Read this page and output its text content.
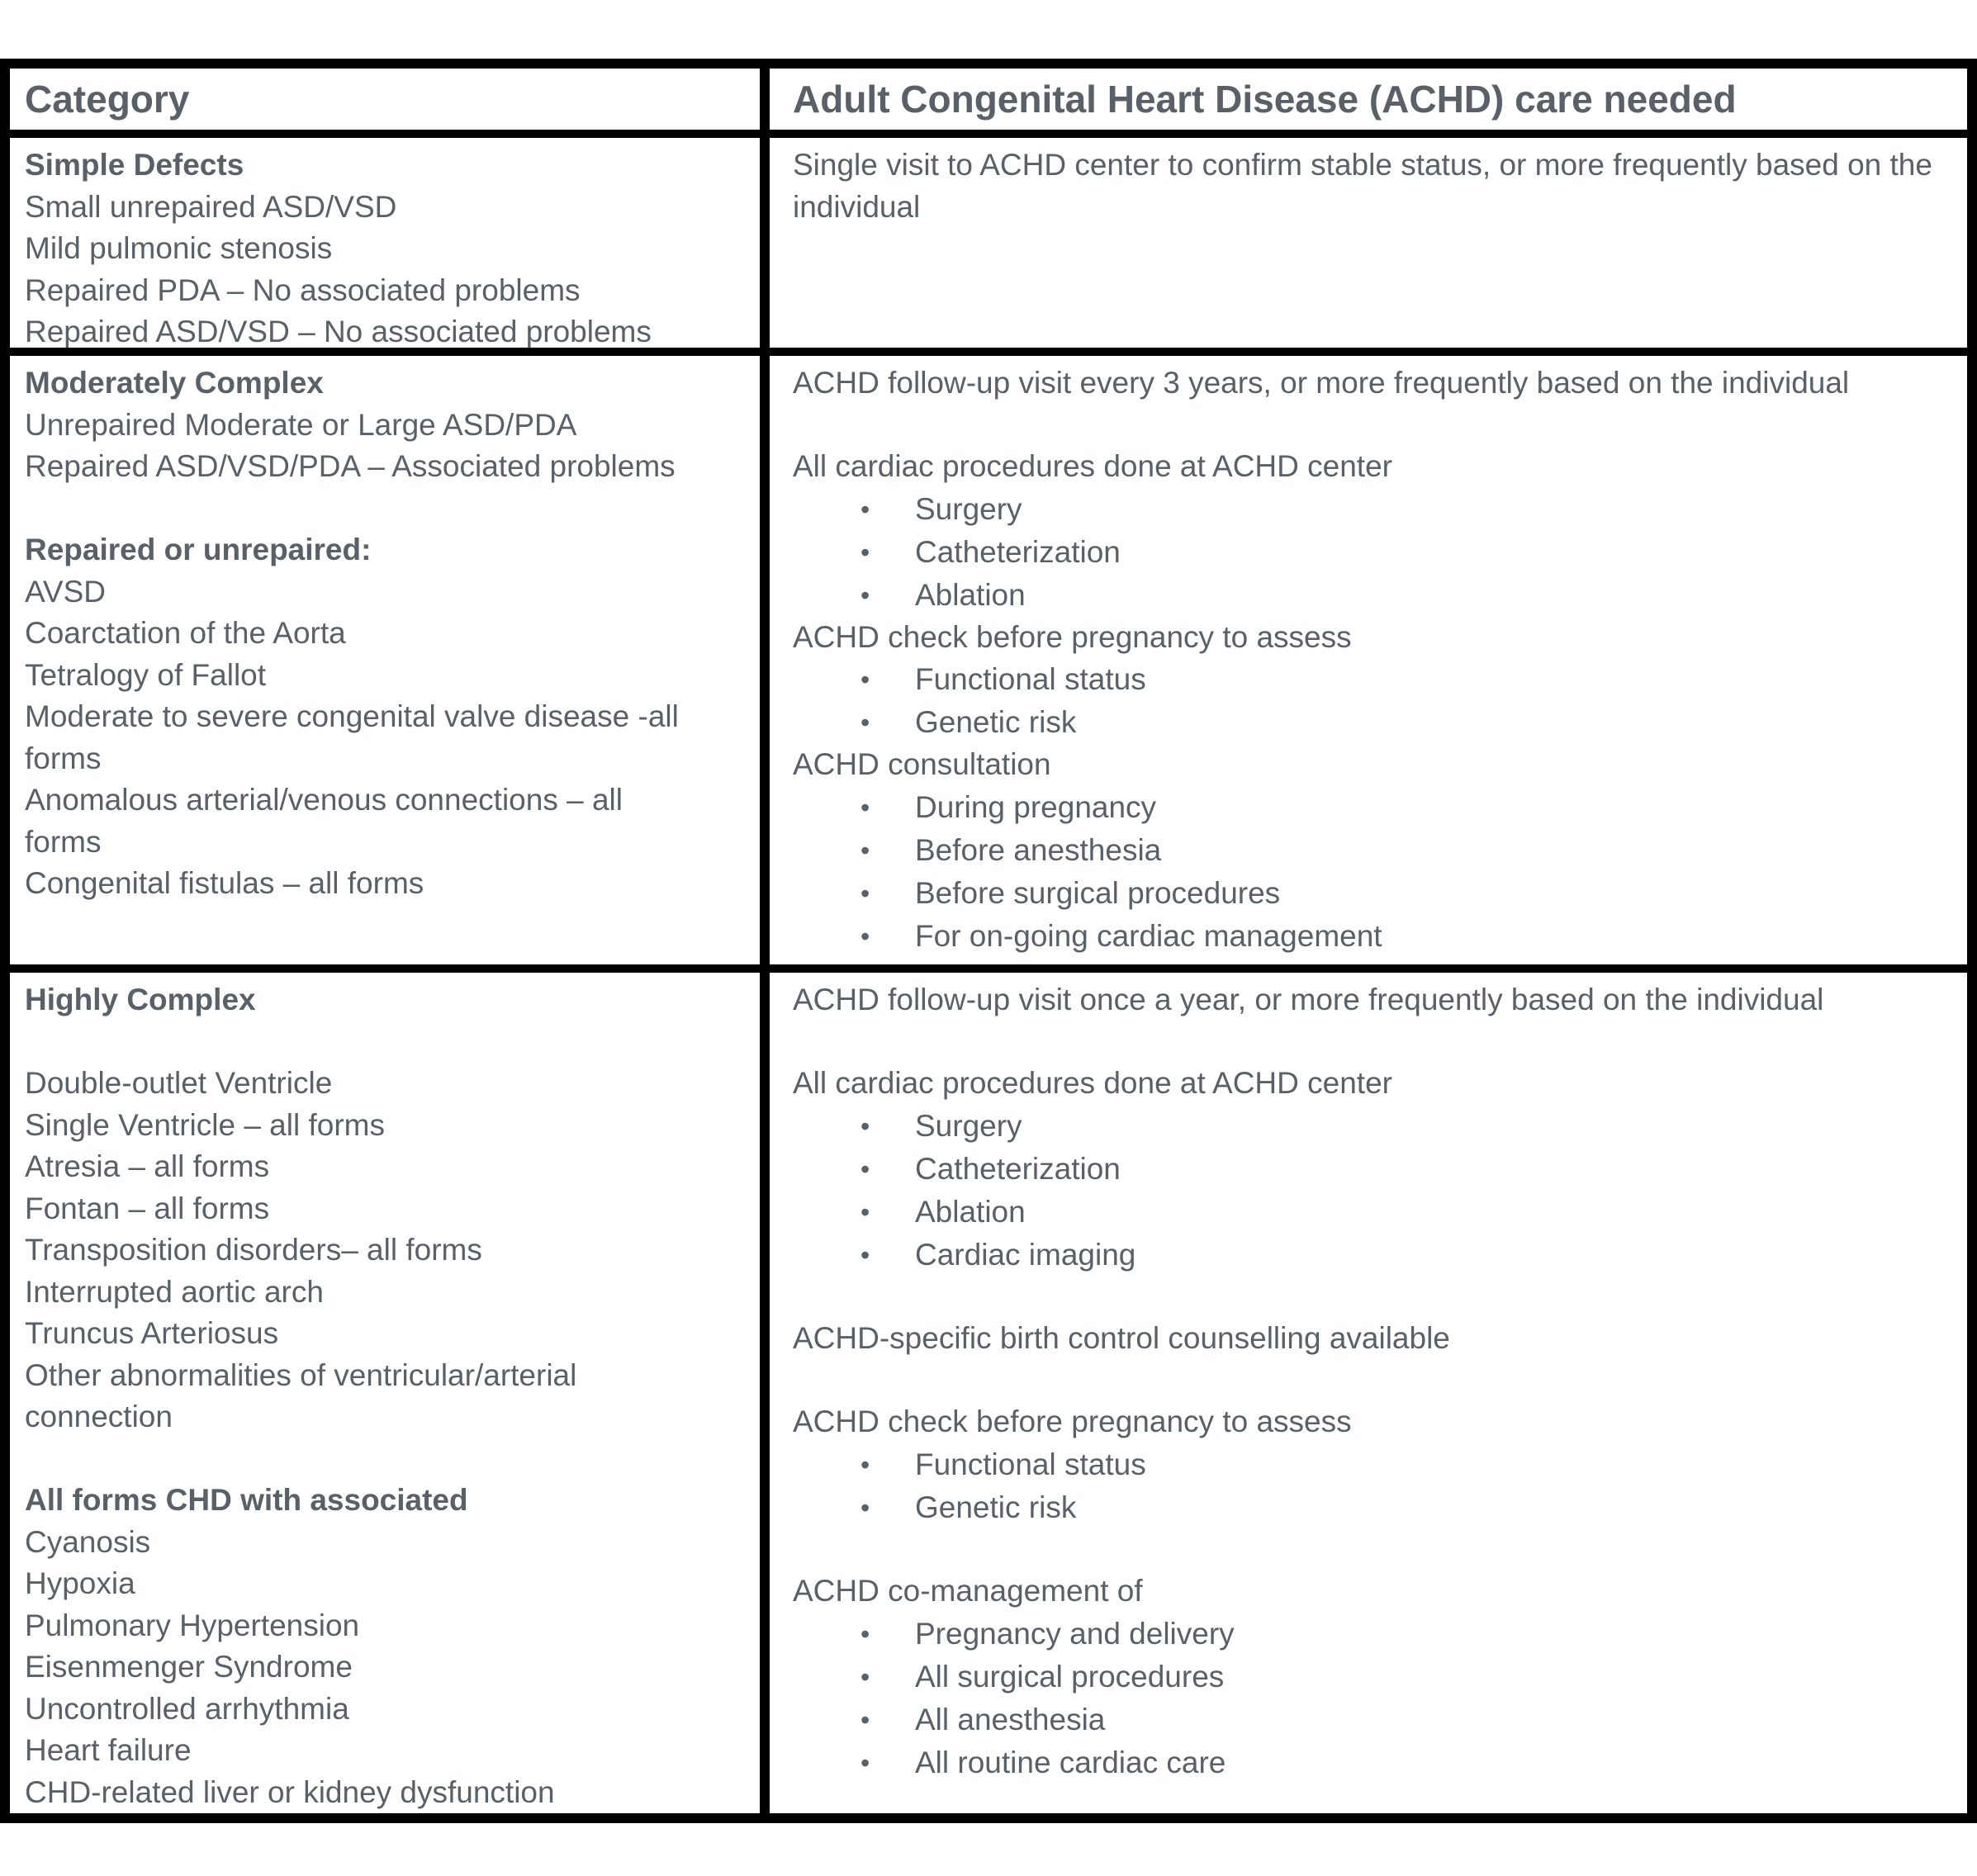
Category	Adult Congenital Heart Disease (ACHD) care needed
Simple Defects
Small unrepaired ASD/VSD
Mild pulmonic stenosis
Repaired PDA – No associated problems
Repaired ASD/VSD – No associated problems
Single visit to ACHD center to confirm stable status, or more frequently based on the individual
Moderately Complex
Unrepaired Moderate or Large ASD/PDA
Repaired ASD/VSD/PDA – Associated problems
Repaired or unrepaired:
AVSD
Coarctation of the Aorta
Tetralogy of Fallot
Moderate to severe congenital valve disease -all forms
Anomalous arterial/venous connections – all forms
Congenital fistulas – all forms
ACHD follow-up visit every 3 years, or more frequently based on the individual
All cardiac procedures done at ACHD center
• Surgery
• Catheterization
• Ablation
ACHD check before pregnancy to assess
• Functional status
• Genetic risk
ACHD consultation
• During pregnancy
• Before anesthesia
• Before surgical procedures
• For on-going cardiac management
Highly Complex
Double-outlet Ventricle
Single Ventricle – all forms
Atresia – all forms
Fontan – all forms
Transposition disorders– all forms
Interrupted aortic arch
Truncus Arteriosus
Other abnormalities of ventricular/arterial connection
All forms CHD with associated
Cyanosis
Hypoxia
Pulmonary Hypertension
Eisenmenger Syndrome
Uncontrolled arrhythmia
Heart failure
CHD-related liver or kidney dysfunction
ACHD follow-up visit once a year, or more frequently based on the individual
All cardiac procedures done at ACHD center
• Surgery
• Catheterization
• Ablation
• Cardiac imaging
ACHD-specific birth control counselling available
ACHD check before pregnancy to assess
• Functional status
• Genetic risk
ACHD co-management of
• Pregnancy and delivery
• All surgical procedures
• All anesthesia
• All routine cardiac care
